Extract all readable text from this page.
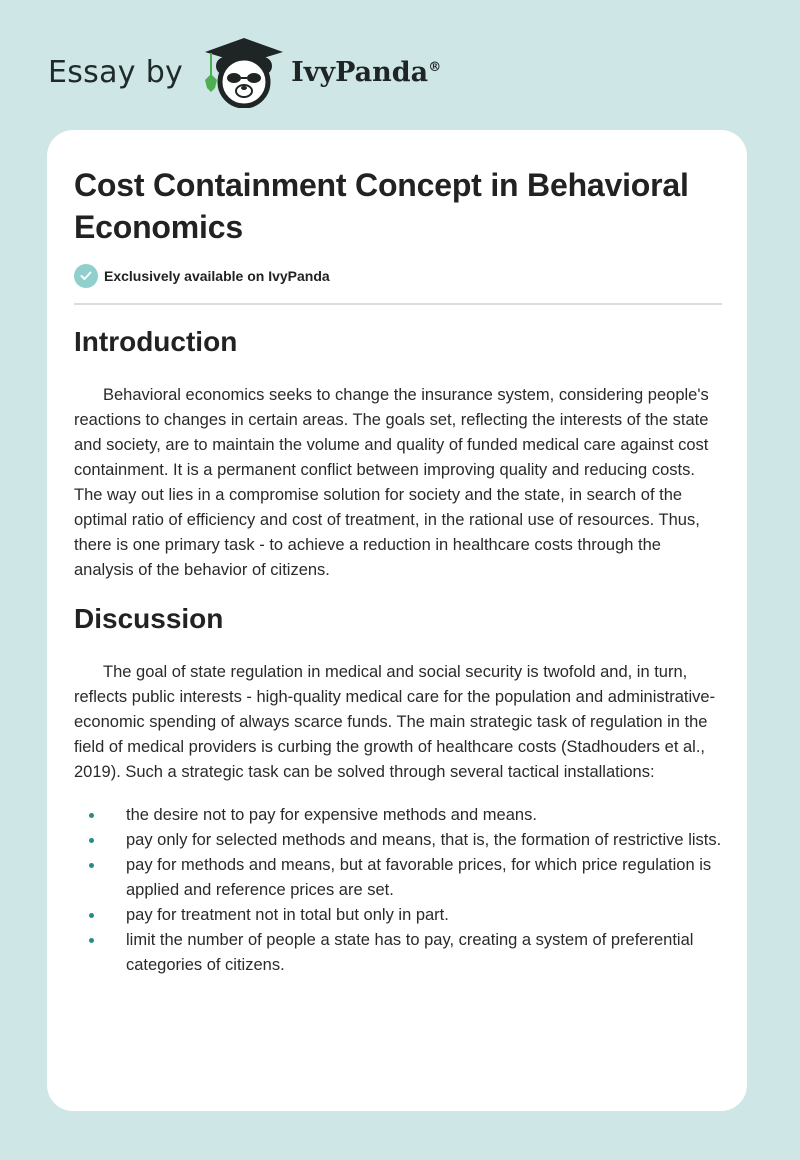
Essay by	IvyPanda®
Cost Containment Concept in Behavioral Economics
Exclusively available on IvyPanda
Introduction

Behavioral economics seeks to change the insurance system, considering people's reactions to changes in certain areas. The goals set, reflecting the interests of the state and society, are to maintain the volume and quality of funded medical care against cost containment. It is a permanent conflict between improving quality and reducing costs. The way out lies in a compromise solution for society and the state, in search of the optimal ratio of efficiency and cost of treatment, in the rational use of resources. Thus, there is one primary task - to achieve a reduction in healthcare costs through the analysis of the behavior of citizens.

Discussion

The goal of state regulation in medical and social security is twofold and, in turn, reflects public interests - high-quality medical care for the population and administrative-economic spending of always scarce funds. The main strategic task of regulation in the field of medical providers is curbing the growth of healthcare costs (Stadhouders et al., 2019). Such a strategic task can be solved through several tactical installations:

the desire not to pay for expensive methods and means.
pay only for selected methods and means, that is, the formation of restrictive lists.
pay for methods and means, but at favorable prices, for which price regulation is applied and reference prices are set.
pay for treatment not in total but only in part.
limit the number of people a state has to pay, creating a system of preferential categories of citizens.
